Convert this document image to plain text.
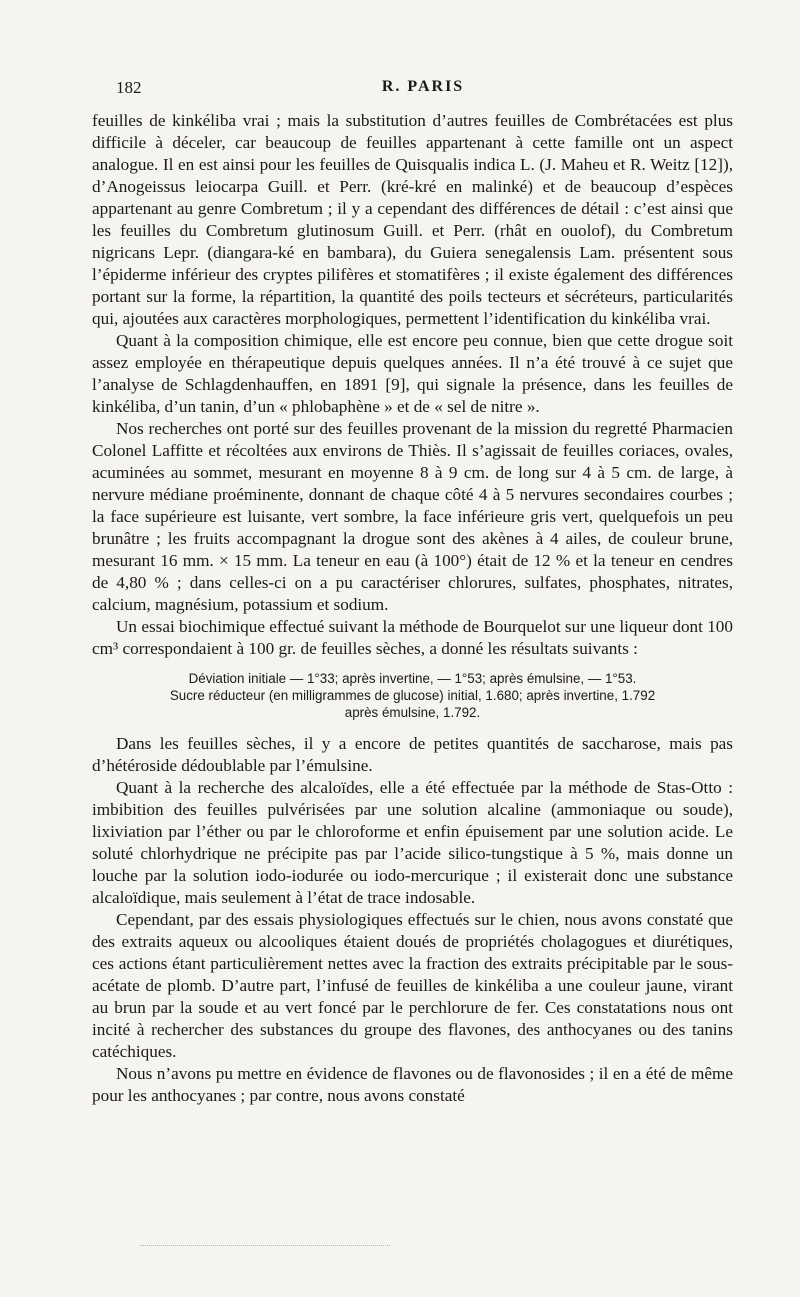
182	R. PARIS

feuilles de kinkéliba vrai ; mais la substitution d’autres feuilles de Combrétacées est plus difficile à déceler, car beaucoup de feuilles appartenant à cette famille ont un aspect analogue. Il en est ainsi pour les feuilles de Quisqualis indica L. (J. Maheu et R. Weitz [12]), d’Anogeissus leiocarpa Guill. et Perr. (kré-kré en malinké) et de beaucoup d’espèces appartenant au genre Combretum ; il y a cependant des différences de détail : c’est ainsi que les feuilles du Combretum glutinosum Guill. et Perr. (rhât en ouolof), du Combretum nigricans Lepr. (diangara-ké en bambara), du Guiera senegalensis Lam. présentent sous l’épiderme inférieur des cryptes pilifères et stomatifères ; il existe également des différences portant sur la forme, la répartition, la quantité des poils tecteurs et sécréteurs, particularités qui, ajoutées aux caractères morphologiques, permettent l’identification du kinkéliba vrai.

Quant à la composition chimique, elle est encore peu connue, bien que cette drogue soit assez employée en thérapeutique depuis quelques années. Il n’a été trouvé à ce sujet que l’analyse de Schlagdenhauffen, en 1891 [9], qui signale la présence, dans les feuilles de kinkéliba, d’un tanin, d’un « phlobaphène » et de « sel de nitre ».

Nos recherches ont porté sur des feuilles provenant de la mission du regretté Pharmacien Colonel Laffitte et récoltées aux environs de Thiès. Il s’agissait de feuilles coriaces, ovales, acuminées au sommet, mesurant en moyenne 8 à 9 cm. de long sur 4 à 5 cm. de large, à nervure médiane proéminente, donnant de chaque côté 4 à 5 nervures secondaires courbes ; la face supérieure est luisante, vert sombre, la face inférieure gris vert, quelquefois un peu brunâtre ; les fruits accompagnant la drogue sont des akènes à 4 ailes, de couleur brune, mesurant 16 mm. × 15 mm. La teneur en eau (à 100°) était de 12 % et la teneur en cendres de 4,80 % ; dans celles-ci on a pu caractériser chlorures, sulfates, phosphates, nitrates, calcium, magnésium, potassium et sodium.

Un essai biochimique effectué suivant la méthode de Bourquelot sur une liqueur dont 100 cm³ correspondaient à 100 gr. de feuilles sèches, a donné les résultats suivants :

Déviation initiale — 1°33; après invertine, — 1°53; après émulsine, — 1°53.
Sucre réducteur (en milligrammes de glucose) initial, 1.680; après invertine, 1.792
après émulsine, 1.792.

Dans les feuilles sèches, il y a encore de petites quantités de saccharose, mais pas d’hétéroside dédoublable par l’émulsine.

Quant à la recherche des alcaloïdes, elle a été effectuée par la méthode de Stas-Otto : imbibition des feuilles pulvérisées par une solution alcaline (ammoniaque ou soude), lixiviation par l’éther ou par le chloroforme et enfin épuisement par une solution acide. Le soluté chlorhydrique ne précipite pas par l’acide silico-tungstique à 5 %, mais donne un louche par la solution iodo-iodurée ou iodo-mercurique ; il existerait donc une substance alcaloïdique, mais seulement à l’état de trace indosable.

Cependant, par des essais physiologiques effectués sur le chien, nous avons constaté que des extraits aqueux ou alcooliques étaient doués de propriétés cholagogues et diurétiques, ces actions étant particulièrement nettes avec la fraction des extraits précipitable par le sous-acétate de plomb. D’autre part, l’infusé de feuilles de kinkéliba a une couleur jaune, virant au brun par la soude et au vert foncé par le perchlorure de fer. Ces constatations nous ont incité à rechercher des substances du groupe des flavones, des anthocyanes ou des tanins catéchiques.

Nous n’avons pu mettre en évidence de flavones ou de flavonosides ; il en a été de même pour les anthocyanes ; par contre, nous avons constaté
